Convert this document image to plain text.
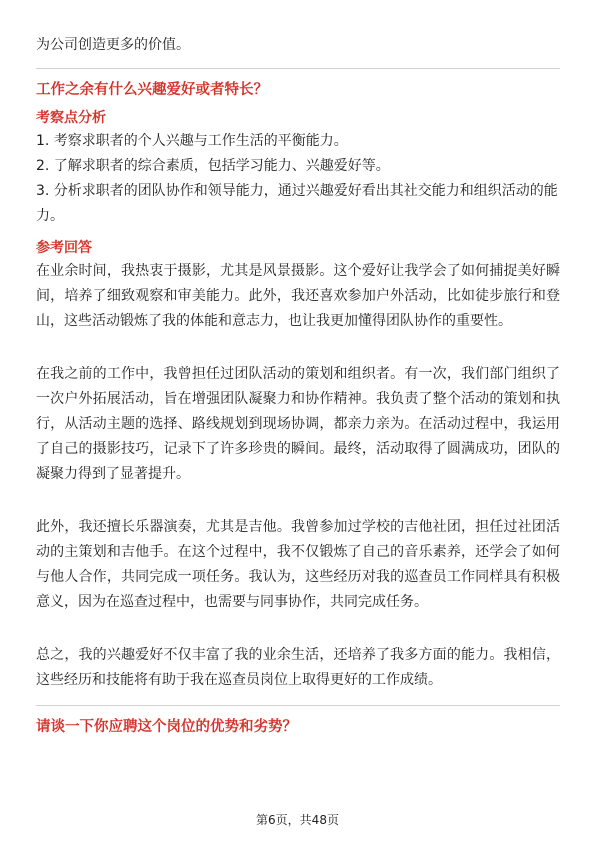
为公司创造更多的价值。

工作之余有什么兴趣爱好或者特长？

考察点分析

1. 考察求职者的个人兴趣与工作生活的平衡能力。

2. 了解求职者的综合素质，包括学习能力、兴趣爱好等。

3. 分析求职者的团队协作和领导能力，通过兴趣爱好看出其社交能力和组织活动的能力。

参考回答

在业余时间，我热衷于摄影，尤其是风景摄影。这个爱好让我学会了如何捕捉美好瞬间，培养了细致观察和审美能力。此外，我还喜欢参加户外活动，比如徒步旅行和登山，这些活动锻炼了我的体能和意志力，也让我更加懂得团队协作的重要性。

在我之前的工作中，我曾担任过团队活动的策划和组织者。有一次，我们部门组织了一次户外拓展活动，旨在增强团队凝聚力和协作精神。我负责了整个活动的策划和执行，从活动主题的选择、路线规划到现场协调，都亲力亲为。在活动过程中，我运用了自己的摄影技巧，记录下了许多珍贵的瞬间。最终，活动取得了圆满成功，团队的凝聚力得到了显著提升。

此外，我还擅长乐器演奏，尤其是吉他。我曾参加过学校的吉他社团，担任过社团活动的主策划和吉他手。在这个过程中，我不仅锻炼了自己的音乐素养，还学会了如何与他人合作，共同完成一项任务。我认为，这些经历对我的巡查员工作同样具有积极意义，因为在巡查过程中，也需要与同事协作，共同完成任务。

总之，我的兴趣爱好不仅丰富了我的业余生活，还培养了我多方面的能力。我相信，这些经历和技能将有助于我在巡查员岗位上取得更好的工作成绩。

请谈一下你应聘这个岗位的优势和劣势？

第6页，共48页
